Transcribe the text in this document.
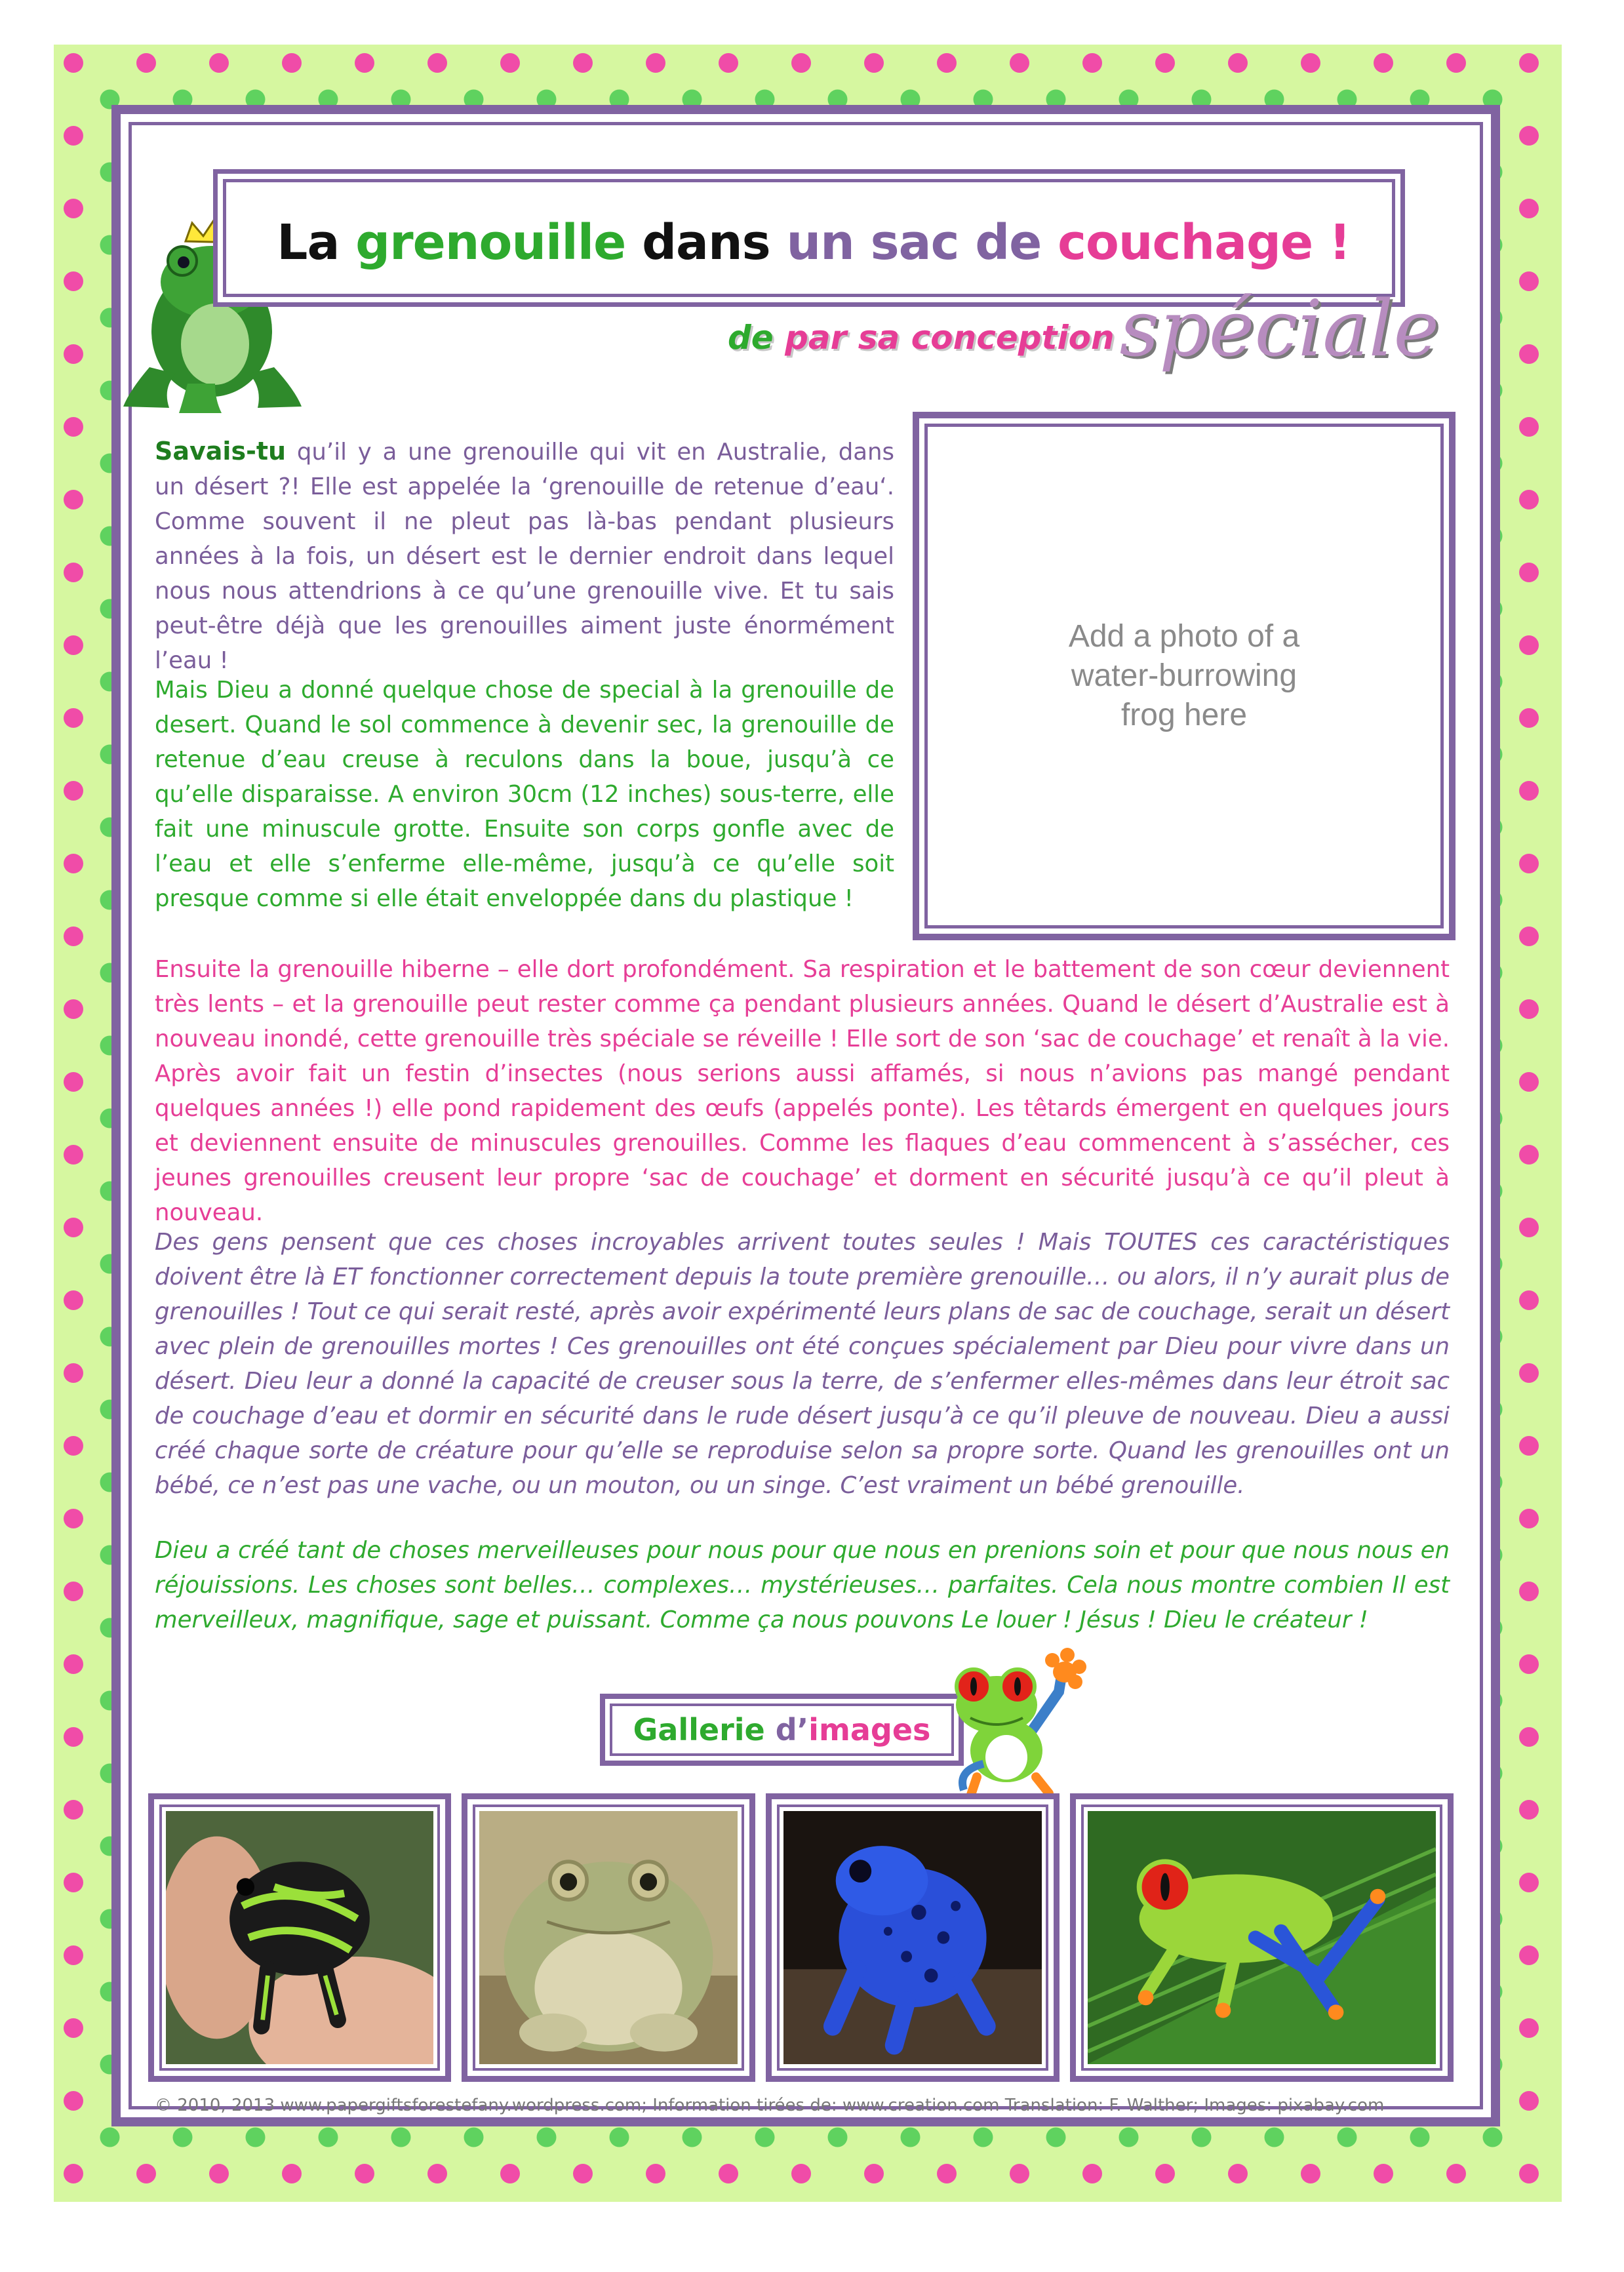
La
grenouille
dans
un sac de
couchage !
de par sa conceptionspéciale
Savais-tu qu’il y a une grenouille qui vit en Australie, dans un désert ?! Elle est appelée la ‘grenouille de retenue d’eau‘. Comme souvent il ne pleut pas là-bas pendant plusieurs années à la fois, un désert est le dernier endroit dans lequel nous nous attendrions à ce qu’une grenouille vive. Et tu sais peut-être déjà que les grenouilles aiment juste énormément l’eau !
Mais Dieu a donné quelque chose de special à la grenouille de desert. Quand le sol commence à devenir sec, la grenouille de retenue d’eau creuse à reculons dans la boue, jusqu’à ce qu’elle disparaisse. A environ 30cm (12 inches) sous-terre, elle fait une minuscule grotte. Ensuite son corps gonfle avec de l’eau et elle s’enferme elle-même, jusqu’à ce qu’elle soit presque comme si elle était enveloppée dans du plastique !
Add a photo of a water-burrowing frog here
Ensuite la grenouille hiberne – elle dort profondément. Sa respiration et le battement de son cœur deviennent très lents – et la grenouille peut rester comme ça pendant plusieurs années. Quand le désert d’Australie est à nouveau inondé, cette grenouille très spéciale se réveille ! Elle sort de son ‘sac de couchage’ et renaît à la vie. Après avoir fait un festin d’insectes (nous serions aussi affamés, si nous n’avions pas mangé pendant quelques années !) elle pond rapidement des œufs (appelés ponte). Les têtards émergent en quelques jours et deviennent ensuite de minuscules grenouilles. Comme les flaques d’eau commencent à s’assécher, ces jeunes grenouilles creusent leur propre ‘sac de couchage’ et dorment en sécurité jusqu’à ce qu’il pleut à nouveau.
Des gens pensent que ces choses incroyables arrivent toutes seules ! Mais TOUTES ces caractéristiques doivent être là ET fonctionner correctement depuis la toute première grenouille… ou alors, il n’y aurait plus de grenouilles ! Tout ce qui serait resté, après avoir expérimenté leurs plans de sac de couchage, serait un désert avec plein de grenouilles mortes ! Ces grenouilles ont été conçues spécialement par Dieu pour vivre dans un désert. Dieu leur a donné la capacité de creuser sous la terre, de s’enfermer elles-mêmes dans leur étroit sac de couchage d’eau et dormir en sécurité dans le rude désert jusqu’à ce qu’il pleuve de nouveau. Dieu a aussi créé chaque sorte de créature pour qu’elle se reproduise selon sa propre sorte. Quand les grenouilles ont un bébé, ce n’est pas une vache, ou un mouton, ou un singe. C’est vraiment un bébé grenouille.
Dieu a créé tant de choses merveilleuses pour nous pour que nous en prenions soin et pour que nous nous en réjouissions. Les choses sont belles… complexes… mystérieuses… parfaites. Cela nous montre combien Il est merveilleux, magnifique, sage et puissant. Comme ça nous pouvons Le louer ! Jésus ! Dieu le créateur !
Gallerie d’images
© 2010, 2013 www.papergiftsforestefany.wordpress.com; Information tirées de: www.creation.com Translation: F. Walther; Images: pixabay.com
